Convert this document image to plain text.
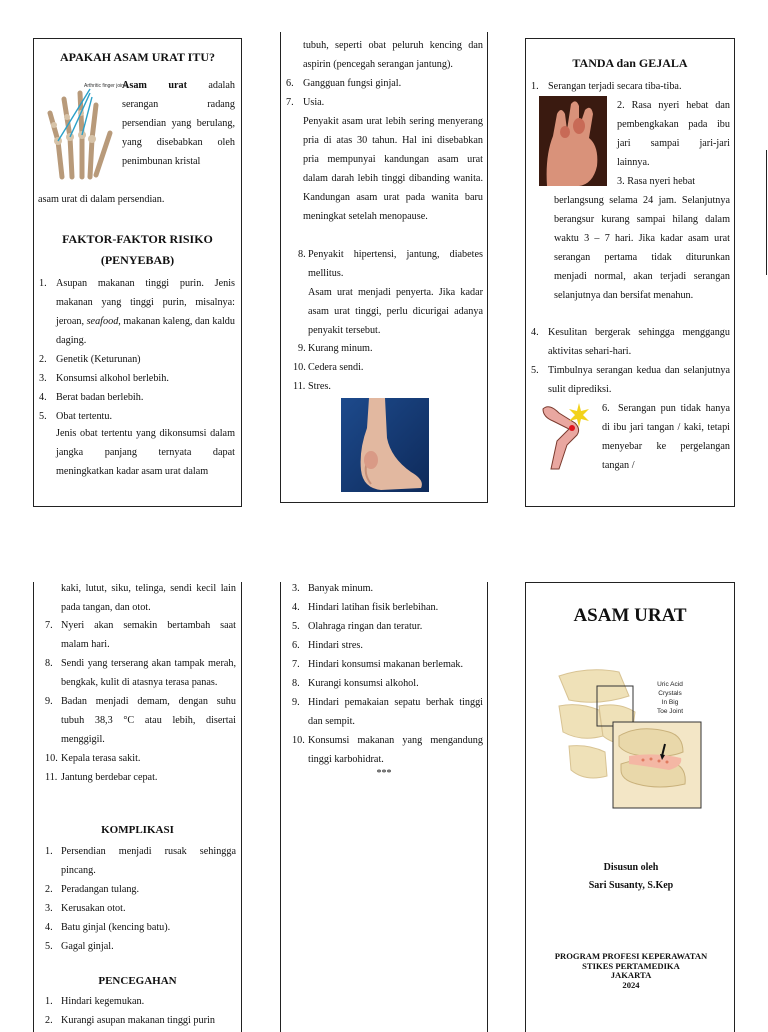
APAKAH ASAM URAT ITU?
Arthritic finger joints
Asam urat adalah serangan radang persendian yang berulang, yang disebabkan oleh penimbunan kristal
asam urat di dalam persendian.
FAKTOR-FAKTOR RISIKO
(PENYEBAB)
1. Asupan makanan tinggi purin. Jenis makanan yang tinggi purin, misalnya: jeroan, seafood, makanan kaleng, dan kaldu daging.
2. Genetik (Keturunan)
3. Konsumsi alkohol berlebih.
4. Berat badan berlebih.
5. Obat tertentu.
Jenis obat tertentu yang dikonsumsi dalam jangka panjang ternyata dapat meningkatkan kadar asam urat dalam
tubuh, seperti obat peluruh kencing dan aspirin (pencegah serangan jantung).
6. Gangguan fungsi ginjal.
7. Usia.
Penyakit asam urat lebih sering menyerang pria di atas 30 tahun. Hal ini disebabkan pria mempunyai kandungan asam urat dalam darah lebih tinggi dibanding wanita. Kandungan asam urat pada wanita baru meningkat setelah menopause.
8. Penyakit hipertensi, jantung, diabetes mellitus.
Asam urat menjadi penyerta. Jika kadar asam urat tinggi, perlu dicurigai adanya penyakit tersebut.
9. Kurang minum.
10. Cedera sendi.
11. Stres.
TANDA dan GEJALA
1. Serangan terjadi secara tiba-tiba.
2. Rasa nyeri hebat dan pembengkakan pada ibu jari sampai jari-jari lainnya.
3. Rasa nyeri hebat
berlangsung selama 24 jam. Selanjutnya berangsur kurang sampai hilang dalam waktu 3 – 7 hari. Jika kadar asam urat serangan pertama tidak diturunkan menjadi normal, akan terjadi serangan selanjutnya dan bersifat menahun.
4. Kesulitan bergerak sehingga menggangu aktivitas sehari-hari.
5. Timbulnya serangan kedua dan selanjutnya sulit diprediksi.
6. Serangan pun tidak hanya di ibu jari tangan / kaki, tetapi menyebar ke pergelangan tangan /
kaki, lutut, siku, telinga, sendi kecil lain pada tangan, dan otot.
7. Nyeri akan semakin bertambah saat malam hari.
8. Sendi yang terserang akan tampak merah, bengkak, kulit di atasnya terasa panas.
9. Badan menjadi demam, dengan suhu tubuh 38,3 °C atau lebih, disertai menggigil.
10. Kepala terasa sakit.
11. Jantung berdebar cepat.
KOMPLIKASI
1. Persendian menjadi rusak sehingga pincang.
2. Peradangan tulang.
3. Kerusakan otot.
4. Batu ginjal (kencing batu).
5. Gagal ginjal.
PENCEGAHAN
1. Hindari kegemukan.
2. Kurangi asupan makanan tinggi purin
3. Banyak minum.
4. Hindari latihan fisik berlebihan.
5. Olahraga ringan dan teratur.
6. Hindari stres.
7. Hindari konsumsi makanan berlemak.
8. Kurangi konsumsi alkohol.
9. Hindari pemakaian sepatu berhak tinggi dan sempit.
10. Konsumsi makanan yang mengandung tinggi karbohidrat.
***
ASAM URAT
Uric Acid
Crystals
In Big
Toe Joint
Disusun oleh
Sari Susanty, S.Kep
PROGRAM PROFESI KEPERAWATAN
STIKES PERTAMEDIKA
JAKARTA
2024
